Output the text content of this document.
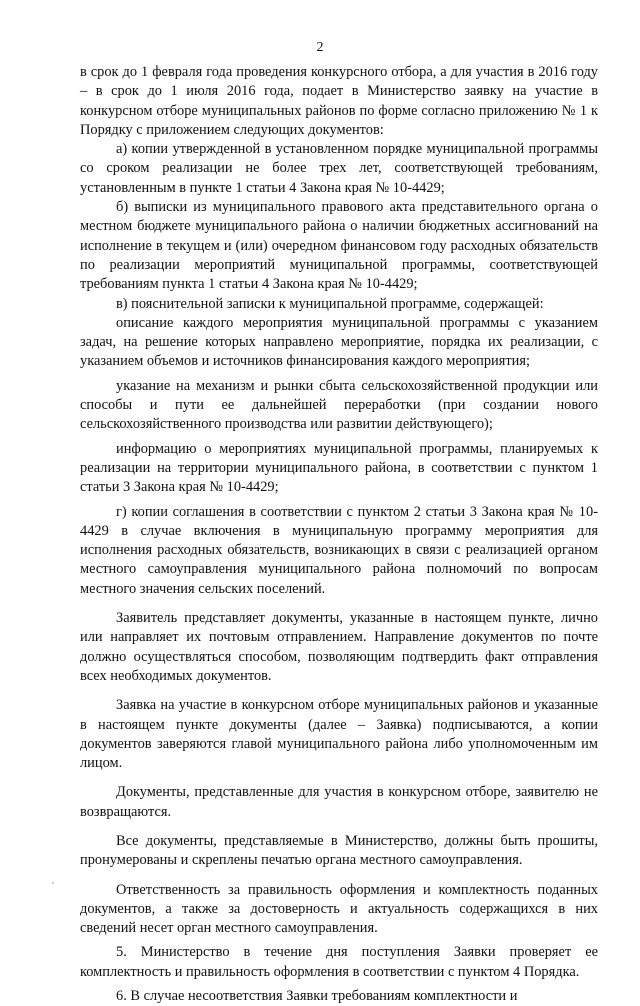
2

в срок до 1 февраля года проведения конкурсного отбора, а для участия в 2016 году – в срок до 1 июля 2016 года, подает в Министерство заявку на участие в конкурсном отборе муниципальных районов по форме согласно приложению № 1 к Порядку с приложением следующих документов:

а) копии утвержденной в установленном порядке муниципальной программы со сроком реализации не более трех лет, соответствующей требованиям, установленным в пункте 1 статьи 4 Закона края № 10-4429;

б) выписки из муниципального правового акта представительного органа о местном бюджете муниципального района о наличии бюджетных ассигнований на исполнение в текущем и (или) очередном финансовом году расходных обязательств по реализации мероприятий муниципальной программы, соответствующей требованиям пункта 1 статьи 4 Закона края № 10-4429;

в) пояснительной записки к муниципальной программе, содержащей:

описание каждого мероприятия муниципальной программы с указанием задач, на решение которых направлено мероприятие, порядка их реализации, с указанием объемов и источников финансирования каждого мероприятия;

указание на механизм и рынки сбыта сельскохозяйственной продукции или способы и пути ее дальнейшей переработки (при создании нового сельскохозяйственного производства или развитии действующего);

информацию о мероприятиях муниципальной программы, планируемых к реализации на территории муниципального района, в соответствии с пунктом 1 статьи 3 Закона края № 10-4429;

г) копии соглашения в соответствии с пунктом 2 статьи 3 Закона края № 10-4429 в случае включения в муниципальную программу мероприятия для исполнения расходных обязательств, возникающих в связи с реализацией органом местного самоуправления муниципального района полномочий по вопросам местного значения сельских поселений.

Заявитель представляет документы, указанные в настоящем пункте, лично или направляет их почтовым отправлением. Направление документов по почте должно осуществляться способом, позволяющим подтвердить факт отправления всех необходимых документов.

Заявка на участие в конкурсном отборе муниципальных районов и указанные в настоящем пункте документы (далее – Заявка) подписываются, а копии документов заверяются главой муниципального района либо уполномоченным им лицом.

Документы, представленные для участия в конкурсном отборе, заявителю не возвращаются.

Все документы, представляемые в Министерство, должны быть прошиты, пронумерованы и скреплены печатью органа местного самоуправления.

Ответственность за правильность оформления и комплектность поданных документов, а также за достоверность и актуальность содержащихся в них сведений несет орган местного самоуправления.

5. Министерство в течение дня поступления Заявки проверяет ее комплектность и правильность оформления в соответствии с пунктом 4 Порядка.

6. В случае несоответствия Заявки требованиям комплектности и
